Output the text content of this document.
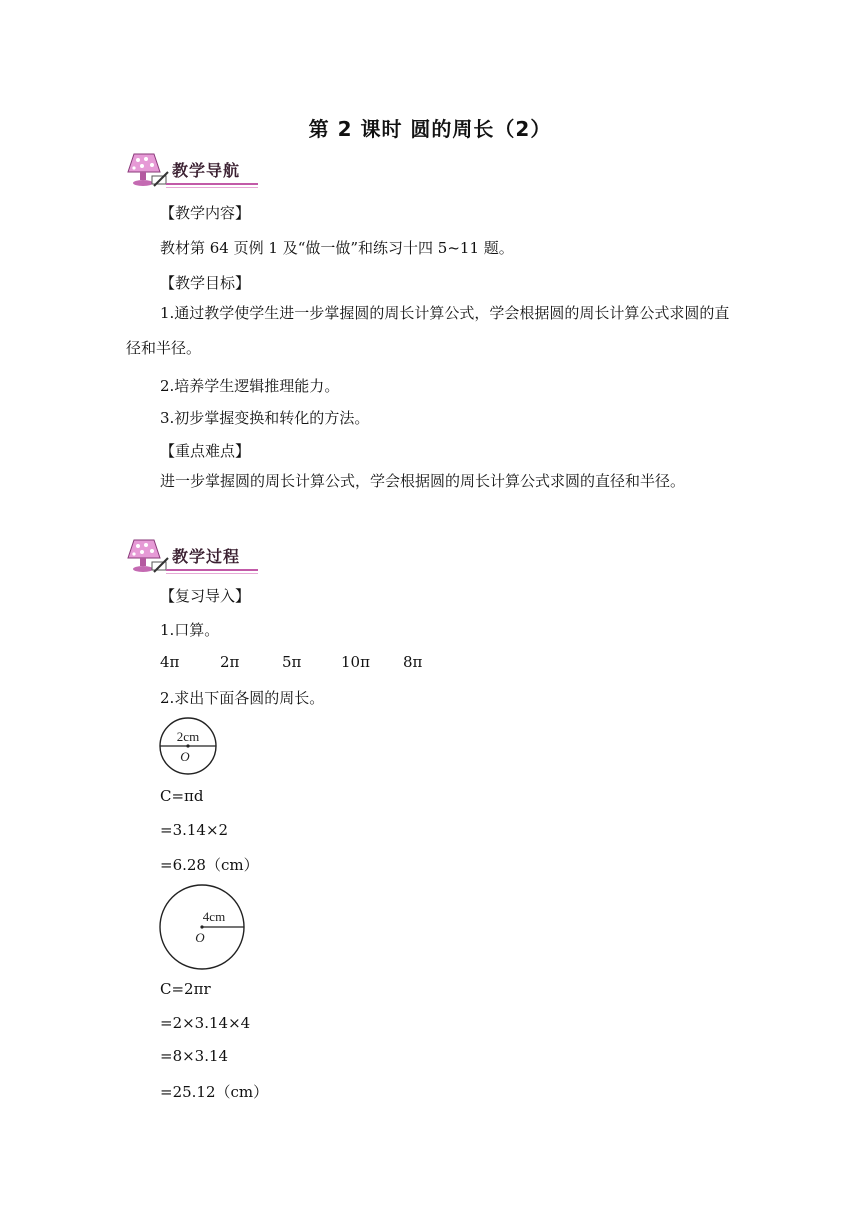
第 2 课时 圆的周长（2）
教学导航
【教学内容】
教材第 64 页例 1 及“做一做”和练习十四 5~11 题。
【教学目标】
1.通过教学使学生进一步掌握圆的周长计算公式，学会根据圆的周长计算公式求圆的直径和半径。
2.培养学生逻辑推理能力。
3.初步掌握变换和转化的方法。
【重点难点】
进一步掌握圆的周长计算公式，学会根据圆的周长计算公式求圆的直径和半径。
教学过程
【复习导入】
1.口算。
4π	2π	5π	10π 8π
2.求出下面各圆的周长。
2cm
O
C=πd
=3.14×2
=6.28（cm）
4cm
O
C=2πr
=2×3.14×4
=8×3.14
=25.12（cm）
